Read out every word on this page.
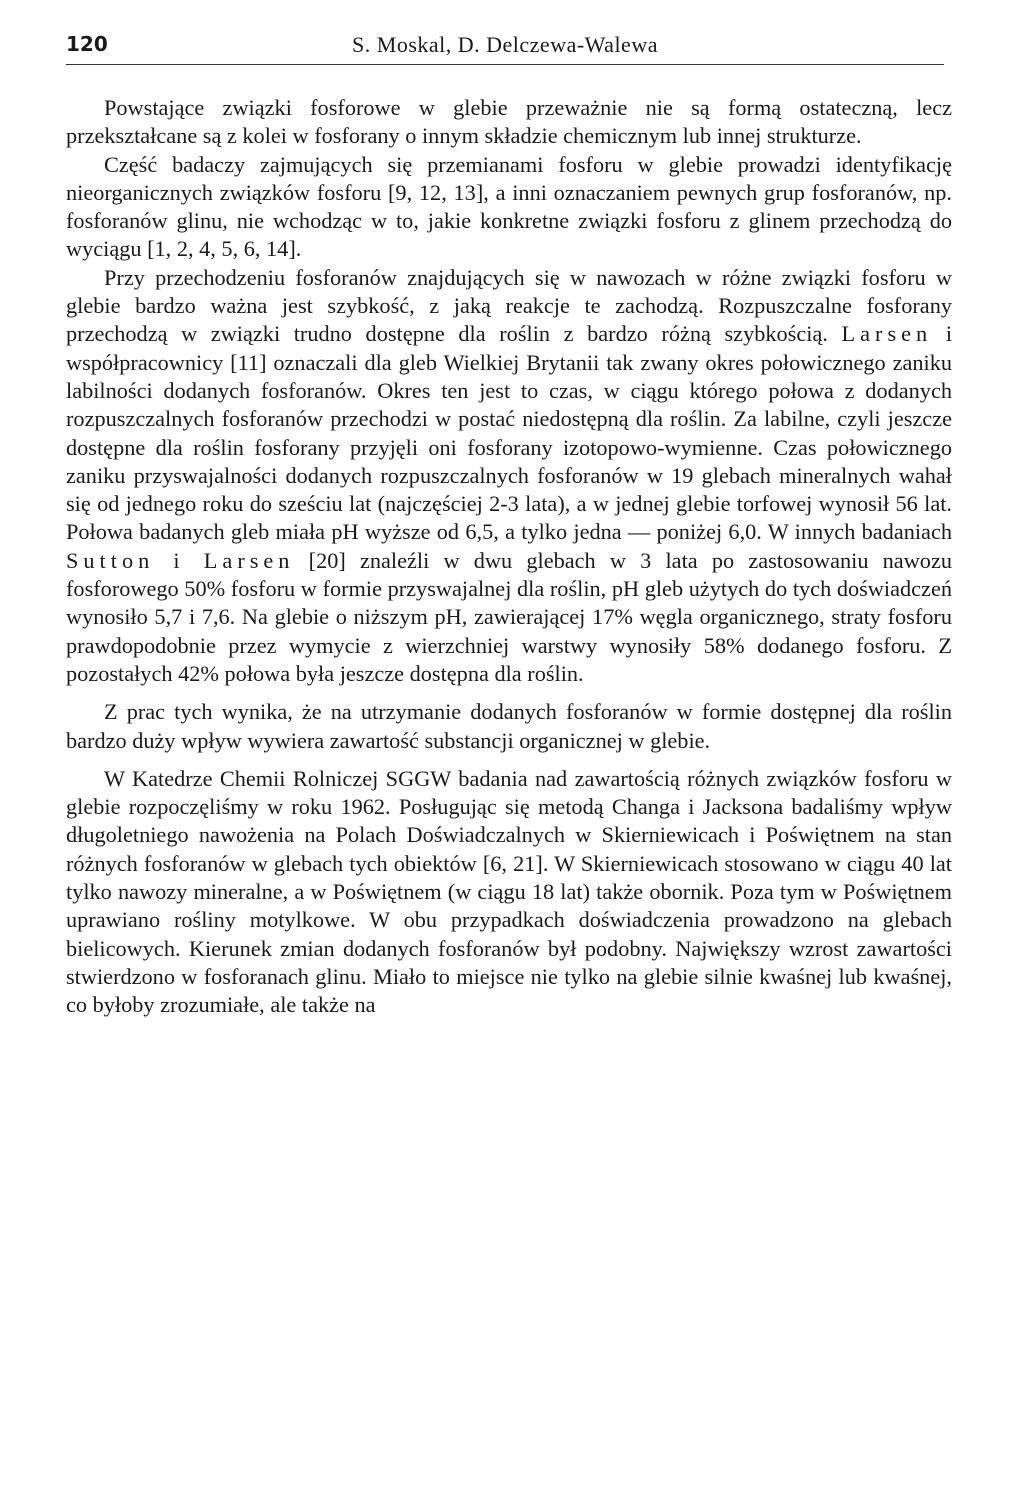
120	S. Moskal, D. Delczewa-Walewa

Powstające związki fosforowe w glebie przeważnie nie są formą ostateczną, lecz przekształcane są z kolei w fosforany o innym składzie chemicznym lub innej strukturze.

Część badaczy zajmujących się przemianami fosforu w glebie prowadzi identyfikację nieorganicznych związków fosforu [9, 12, 13], a inni oznaczaniem pewnych grup fosforanów, np. fosforanów glinu, nie wchodząc w to, jakie konkretne związki fosforu z glinem przechodzą do wyciągu [1, 2, 4, 5, 6, 14].

Przy przechodzeniu fosforanów znajdujących się w nawozach w różne związki fosforu w glebie bardzo ważna jest szybkość, z jaką reakcje te zachodzą. Rozpuszczalne fosforany przechodzą w związki trudno dostępne dla roślin z bardzo różną szybkością. Larsen i współpracownicy [11] oznaczali dla gleb Wielkiej Brytanii tak zwany okres połowicznego zaniku labilności dodanych fosforanów. Okres ten jest to czas, w ciągu którego połowa z dodanych rozpuszczalnych fosforanów przechodzi w postać niedostępną dla roślin. Za labilne, czyli jeszcze dostępne dla roślin fosforany przyjęli oni fosforany izotopowo-wymienne. Czas połowicznego zaniku przyswajalności dodanych rozpuszczalnych fosforanów w 19 glebach mineralnych wahał się od jednego roku do sześciu lat (najczęściej 2-3 lata), a w jednej glebie torfowej wynosił 56 lat. Połowa badanych gleb miała pH wyższe od 6,5, a tylko jedna — poniżej 6,0. W innych badaniach Sutton i Larsen [20] znaleźli w dwu glebach w 3 lata po zastosowaniu nawozu fosforowego 50% fosforu w formie przyswajalnej dla roślin, pH gleb użytych do tych doświadczeń wynosiło 5,7 i 7,6. Na glebie o niższym pH, zawierającej 17% węgla organicznego, straty fosforu prawdopodobnie przez wymycie z wierzchniej warstwy wynosiły 58% dodanego fosforu. Z pozostałych 42% połowa była jeszcze dostępna dla roślin.

Z prac tych wynika, że na utrzymanie dodanych fosforanów w formie dostępnej dla roślin bardzo duży wpływ wywiera zawartość substancji organicznej w glebie.

W Katedrze Chemii Rolniczej SGGW badania nad zawartością różnych związków fosforu w glebie rozpoczęliśmy w roku 1962. Posługując się metodą Changa i Jacksona badaliśmy wpływ długoletniego nawożenia na Polach Doświadczalnych w Skierniewicach i Poświętnem na stan różnych fosforanów w glebach tych obiektów [6, 21]. W Skierniewicach stosowano w ciągu 40 lat tylko nawozy mineralne, a w Poświętnem (w ciągu 18 lat) także obornik. Poza tym w Poświętnem uprawiano rośliny motylkowe. W obu przypadkach doświadczenia prowadzono na glebach bielicowych. Kierunek zmian dodanych fosforanów był podobny. Największy wzrost zawartości stwierdzono w fosforanach glinu. Miało to miejsce nie tylko na glebie silnie kwaśnej lub kwaśnej, co byłoby zrozumiałe, ale także na
